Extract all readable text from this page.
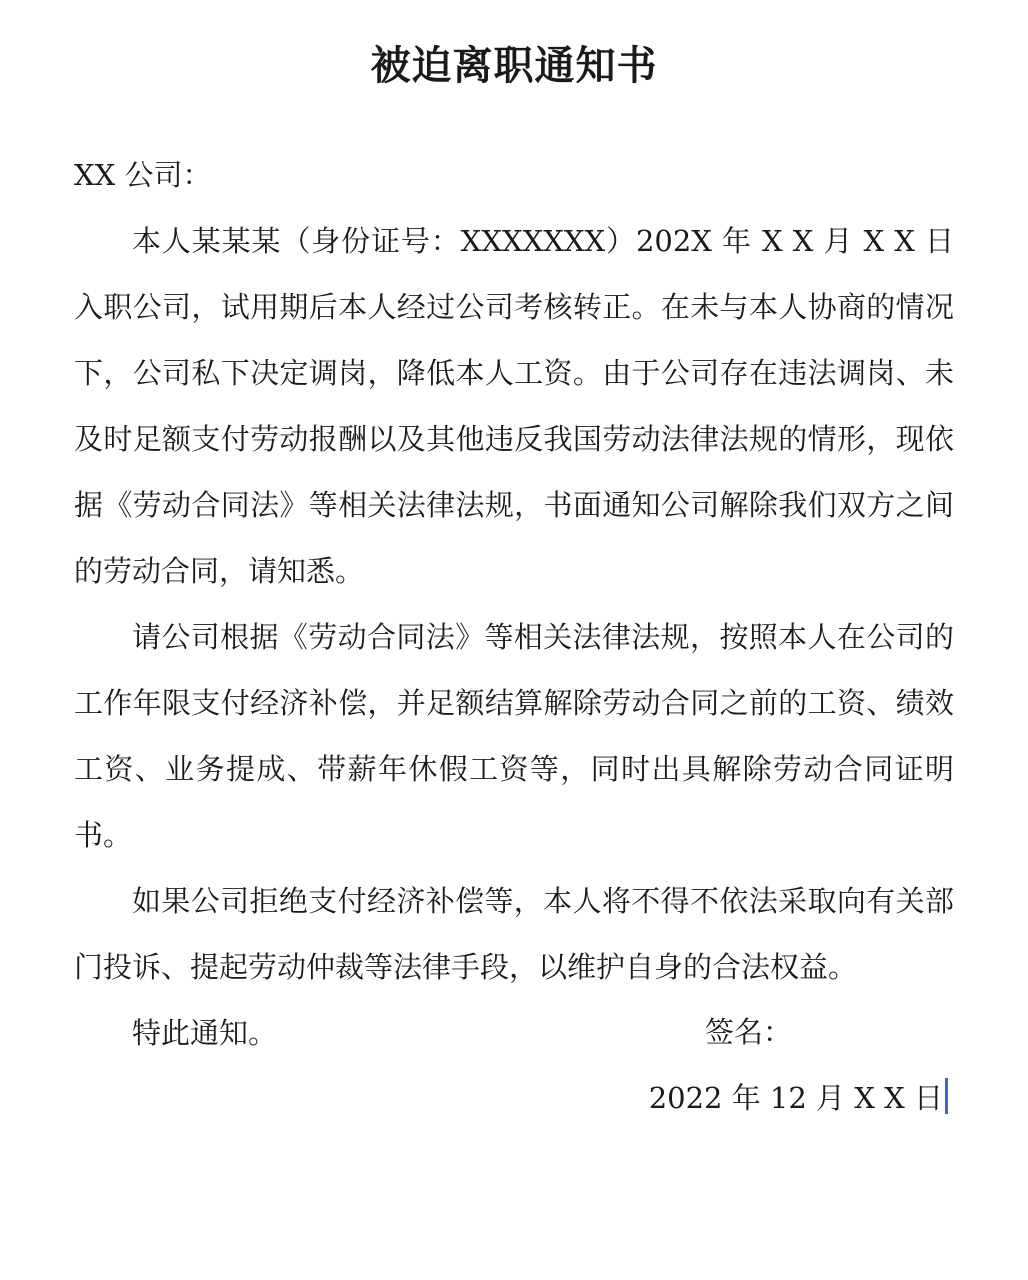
被迫离职通知书

XX 公司：

本人某某某（身份证号：XXXXXXX）202X 年 X X 月 X X 日入职公司，试用期后本人经过公司考核转正。在未与本人协商的情况下，公司私下决定调岗，降低本人工资。由于公司存在违法调岗、未及时足额支付劳动报酬以及其他违反我国劳动法律法规的情形，现依据《劳动合同法》等相关法律法规，书面通知公司解除我们双方之间的劳动合同，请知悉。

请公司根据《劳动合同法》等相关法律法规，按照本人在公司的工作年限支付经济补偿，并足额结算解除劳动合同之前的工资、绩效工资、业务提成、带薪年休假工资等，同时出具解除劳动合同证明书。

如果公司拒绝支付经济补偿等，本人将不得不依法采取向有关部门投诉、提起劳动仲裁等法律手段，以维护自身的合法权益。

特此通知。	签名：
2022 年 12 月 X X 日
